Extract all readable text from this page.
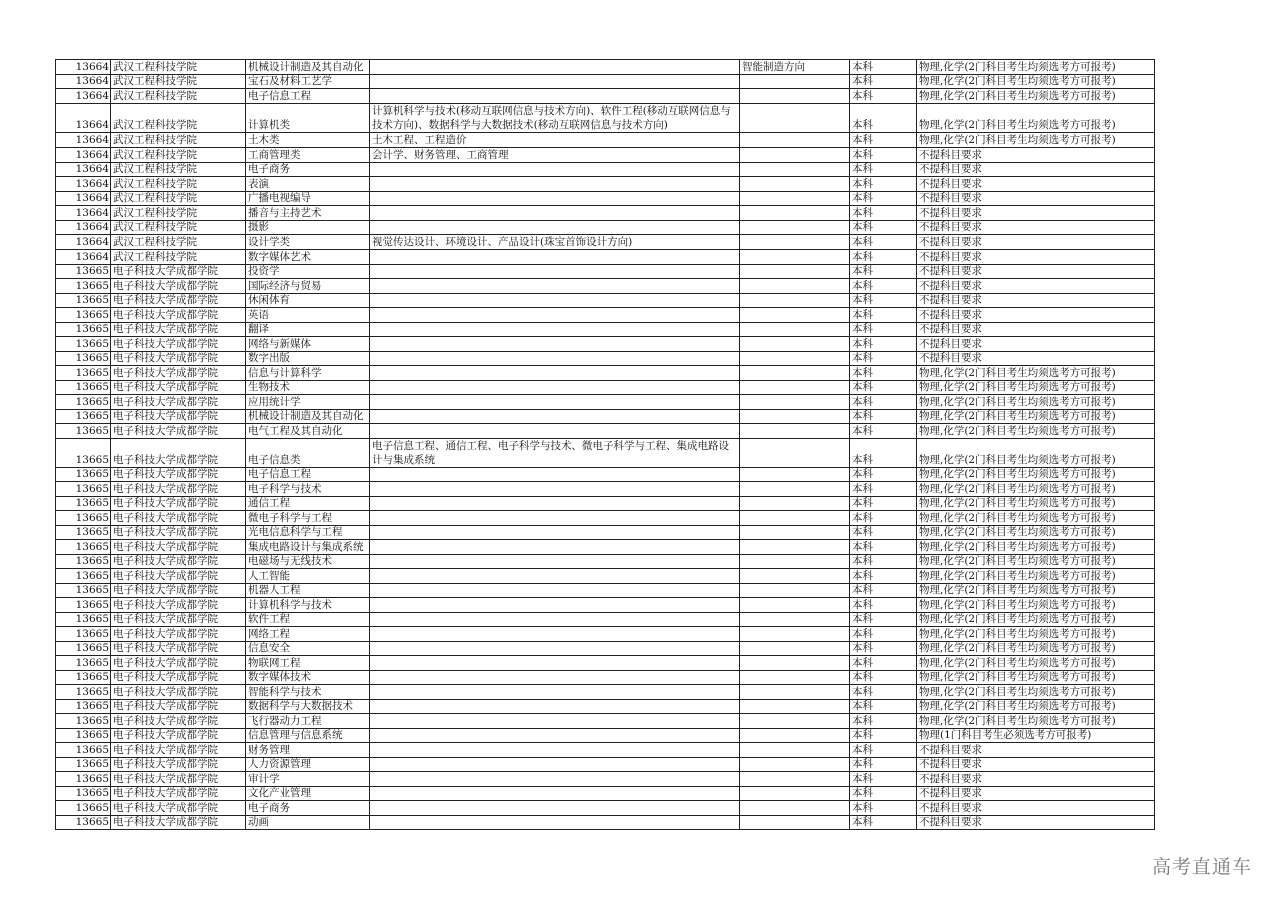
13664	武汉工程科技学院	机械设计制造及其自动化		智能制造方向	本科	物理,化学(2门科目考生均须选考方可报考)
13664	武汉工程科技学院	宝石及材料工艺学			本科	物理,化学(2门科目考生均须选考方可报考)
13664	武汉工程科技学院	电子信息工程			本科	物理,化学(2门科目考生均须选考方可报考)
13664	武汉工程科技学院	计算机类	计算机科学与技术(移动互联网信息与技术方向)、软件工程(移动互联网信息与技术方向)、数据科学与大数据技术(移动互联网信息与技术方向)		本科	物理,化学(2门科目考生均须选考方可报考)
13664	武汉工程科技学院	土木类	土木工程、工程造价		本科	物理,化学(2门科目考生均须选考方可报考)
13664	武汉工程科技学院	工商管理类	会计学、财务管理、工商管理		本科	不提科目要求
13664	武汉工程科技学院	电子商务			本科	不提科目要求
13664	武汉工程科技学院	表演			本科	不提科目要求
13664	武汉工程科技学院	广播电视编导			本科	不提科目要求
13664	武汉工程科技学院	播音与主持艺术			本科	不提科目要求
13664	武汉工程科技学院	摄影			本科	不提科目要求
13664	武汉工程科技学院	设计学类	视觉传达设计、环境设计、产品设计(珠宝首饰设计方向)		本科	不提科目要求
13664	武汉工程科技学院	数字媒体艺术			本科	不提科目要求
13665	电子科技大学成都学院	投资学			本科	不提科目要求
13665	电子科技大学成都学院	国际经济与贸易			本科	不提科目要求
13665	电子科技大学成都学院	休闲体育			本科	不提科目要求
13665	电子科技大学成都学院	英语			本科	不提科目要求
13665	电子科技大学成都学院	翻译			本科	不提科目要求
13665	电子科技大学成都学院	网络与新媒体			本科	不提科目要求
13665	电子科技大学成都学院	数字出版			本科	不提科目要求
13665	电子科技大学成都学院	信息与计算科学			本科	物理,化学(2门科目考生均须选考方可报考)
13665	电子科技大学成都学院	生物技术			本科	物理,化学(2门科目考生均须选考方可报考)
13665	电子科技大学成都学院	应用统计学			本科	物理,化学(2门科目考生均须选考方可报考)
13665	电子科技大学成都学院	机械设计制造及其自动化			本科	物理,化学(2门科目考生均须选考方可报考)
13665	电子科技大学成都学院	电气工程及其自动化			本科	物理,化学(2门科目考生均须选考方可报考)
13665	电子科技大学成都学院	电子信息类	电子信息工程、通信工程、电子科学与技术、微电子科学与工程、集成电路设计与集成系统		本科	物理,化学(2门科目考生均须选考方可报考)
13665	电子科技大学成都学院	电子信息工程			本科	物理,化学(2门科目考生均须选考方可报考)
13665	电子科技大学成都学院	电子科学与技术			本科	物理,化学(2门科目考生均须选考方可报考)
13665	电子科技大学成都学院	通信工程			本科	物理,化学(2门科目考生均须选考方可报考)
13665	电子科技大学成都学院	微电子科学与工程			本科	物理,化学(2门科目考生均须选考方可报考)
13665	电子科技大学成都学院	光电信息科学与工程			本科	物理,化学(2门科目考生均须选考方可报考)
13665	电子科技大学成都学院	集成电路设计与集成系统			本科	物理,化学(2门科目考生均须选考方可报考)
13665	电子科技大学成都学院	电磁场与无线技术			本科	物理,化学(2门科目考生均须选考方可报考)
13665	电子科技大学成都学院	人工智能			本科	物理,化学(2门科目考生均须选考方可报考)
13665	电子科技大学成都学院	机器人工程			本科	物理,化学(2门科目考生均须选考方可报考)
13665	电子科技大学成都学院	计算机科学与技术			本科	物理,化学(2门科目考生均须选考方可报考)
13665	电子科技大学成都学院	软件工程			本科	物理,化学(2门科目考生均须选考方可报考)
13665	电子科技大学成都学院	网络工程			本科	物理,化学(2门科目考生均须选考方可报考)
13665	电子科技大学成都学院	信息安全			本科	物理,化学(2门科目考生均须选考方可报考)
13665	电子科技大学成都学院	物联网工程			本科	物理,化学(2门科目考生均须选考方可报考)
13665	电子科技大学成都学院	数字媒体技术			本科	物理,化学(2门科目考生均须选考方可报考)
13665	电子科技大学成都学院	智能科学与技术			本科	物理,化学(2门科目考生均须选考方可报考)
13665	电子科技大学成都学院	数据科学与大数据技术			本科	物理,化学(2门科目考生均须选考方可报考)
13665	电子科技大学成都学院	飞行器动力工程			本科	物理,化学(2门科目考生均须选考方可报考)
13665	电子科技大学成都学院	信息管理与信息系统			本科	物理(1门科目考生必须选考方可报考)
13665	电子科技大学成都学院	财务管理			本科	不提科目要求
13665	电子科技大学成都学院	人力资源管理			本科	不提科目要求
13665	电子科技大学成都学院	审计学			本科	不提科目要求
13665	电子科技大学成都学院	文化产业管理			本科	不提科目要求
13665	电子科技大学成都学院	电子商务			本科	不提科目要求
13665	电子科技大学成都学院	动画			本科	不提科目要求
高考直通车
